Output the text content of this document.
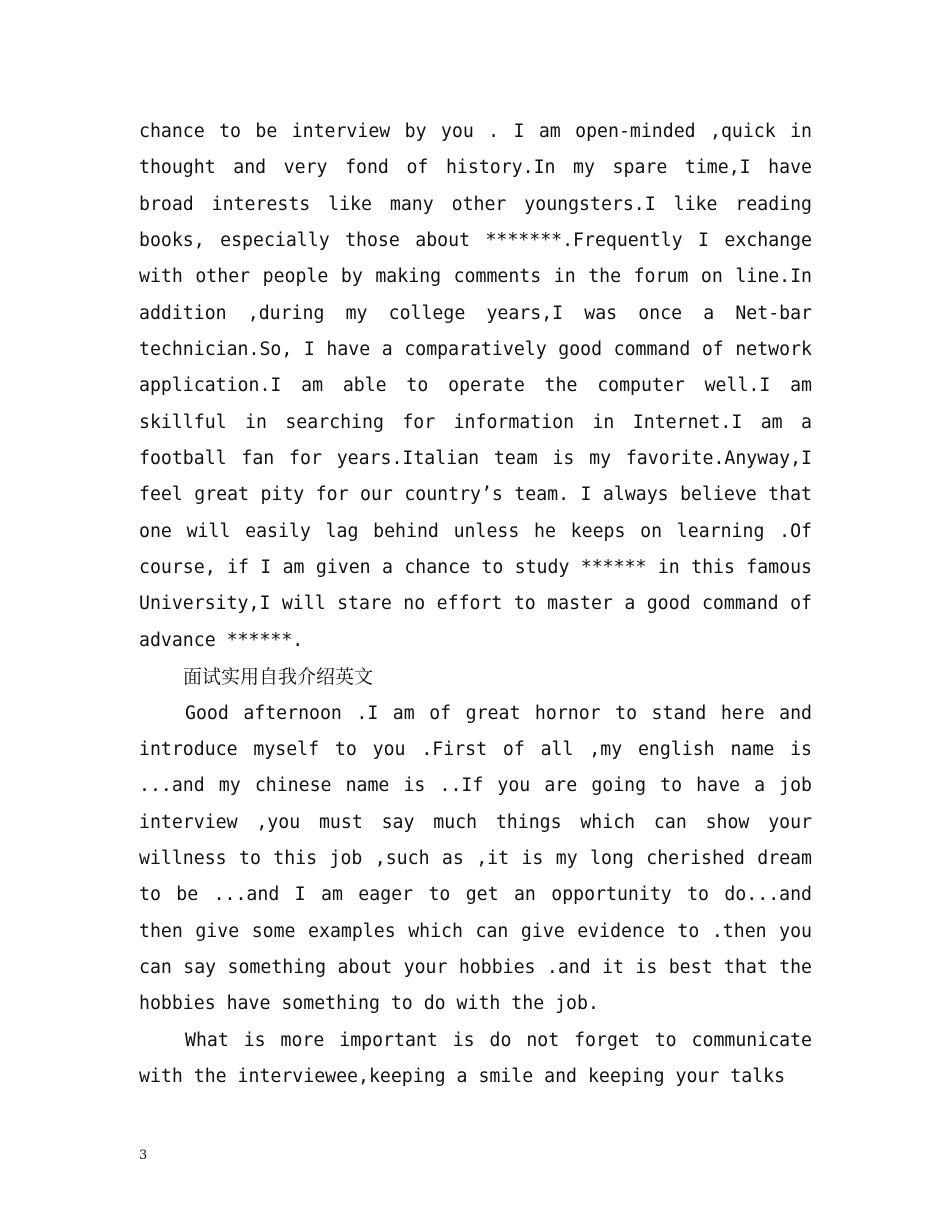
chance to be interview by you . I am open-minded ,quick in thought and very fond of history.In my spare time,I have broad interests like many other youngsters.I like reading books, especially those about *******.Frequently I exchange with other people by making comments in the forum on line.In addition ,during my college years,I was once a Net-bar technician.So, I have a comparatively good command of network application.I am able to operate the computer well.I am skillful in searching for information in Internet.I am a football fan for years.Italian team is my favorite.Anyway,I feel great pity for our country’s team. I always believe that one will easily lag behind unless he keeps on learning .Of course, if I am given a chance to study ****** in this famous University,I will stare no effort to master a good command of advance ******.

面试实用自我介绍英文

Good afternoon .I am of great hornor to stand here and introduce myself to you .First of all ,my english name is ...and my chinese name is ..If you are going to have a job interview ,you must say much things which can show your willness to this job ,such as ,it is my long cherished dream to be ...and I am eager to get an opportunity to do...and then give some examples which can give evidence to .then you can say something about your hobbies .and it is best that the hobbies have something to do with the job.

What is more important is do not forget to communicate with the interviewee,keeping a smile and keeping your talks

3
